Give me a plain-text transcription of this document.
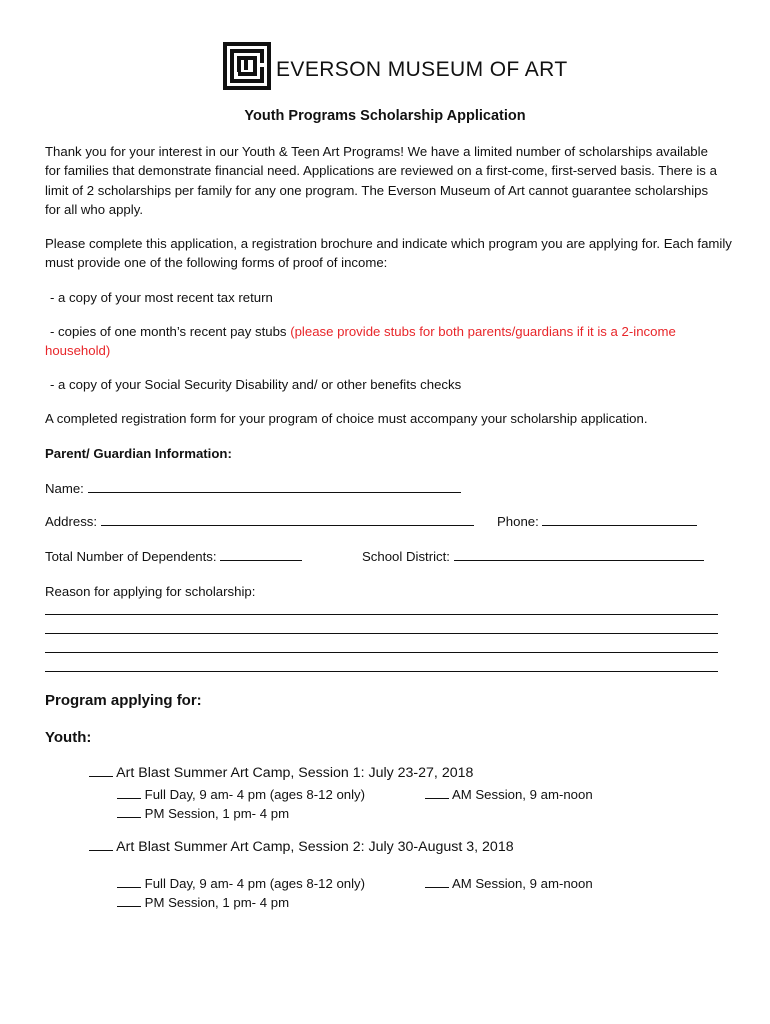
EVERSON MUSEUM OF ART
Youth Programs Scholarship Application
Thank you for your interest in our Youth & Teen Art Programs! We have a limited number of scholarships available for families that demonstrate financial need. Applications are reviewed on a first-come, first-served basis. There is a limit of 2 scholarships per family for any one program. The Everson Museum of Art cannot guarantee scholarships for all who apply.
Please complete this application, a registration brochure and indicate which program you are applying for. Each family must provide one of the following forms of proof of income:
- a copy of your most recent tax return
- copies of one month’s recent pay stubs (please provide stubs for both parents/guardians if it is a 2-income household)
- a copy of your Social Security Disability and/ or other benefits checks
A completed registration form for your program of choice must accompany your scholarship application.
Parent/ Guardian Information:
Name:
Address:	Phone:
Total Number of Dependents:	School District:
Reason for applying for scholarship:
Program applying for:
Youth:
Art Blast Summer Art Camp, Session 1: July 23-27, 2018
Full Day, 9 am- 4 pm (ages 8-12 only)	AM Session, 9 am-noon
PM Session, 1 pm- 4 pm
Art Blast Summer Art Camp, Session 2: July 30-August 3, 2018
Full Day, 9 am- 4 pm (ages 8-12 only)	AM Session, 9 am-noon
PM Session, 1 pm- 4 pm
